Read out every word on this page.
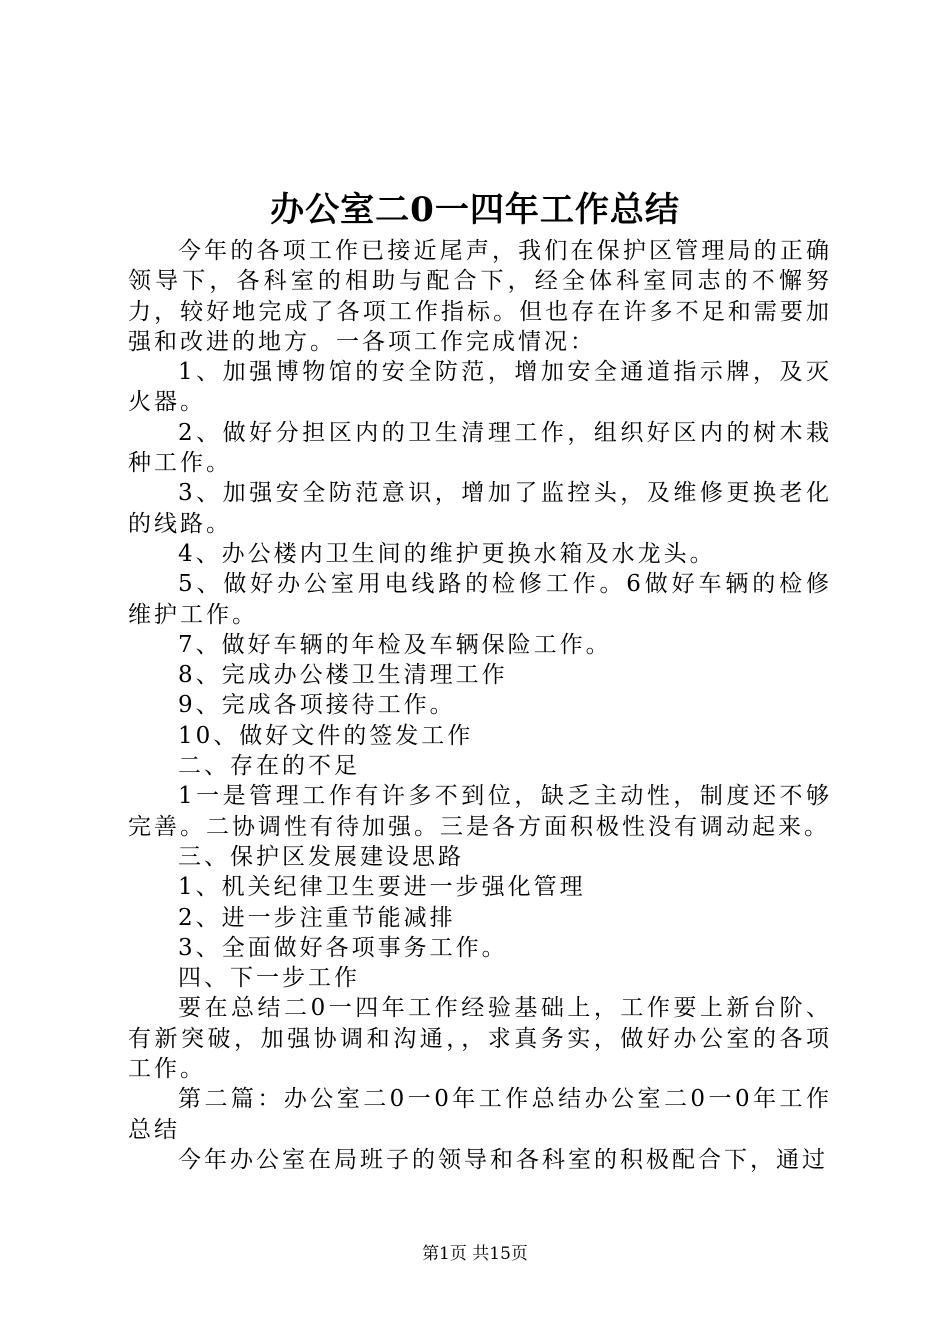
办公室二0一四年工作总结

今年的各项工作已接近尾声，我们在保护区管理局的正确领导下，各科室的相助与配合下，经全体科室同志的不懈努力，较好地完成了各项工作指标。但也存在许多不足和需要加强和改进的地方。一各项工作完成情况：

1、加强博物馆的安全防范，增加安全通道指示牌，及灭火器。

2、做好分担区内的卫生清理工作，组织好区内的树木栽种工作。

3、加强安全防范意识，增加了监控头，及维修更换老化的线路。

4、办公楼内卫生间的维护更换水箱及水龙头。

5、做好办公室用电线路的检修工作。6做好车辆的检修维护工作。

7、做好车辆的年检及车辆保险工作。

8、完成办公楼卫生清理工作

9、完成各项接待工作。

10、做好文件的签发工作

二、存在的不足

1一是管理工作有许多不到位，缺乏主动性，制度还不够完善。二协调性有待加强。三是各方面积极性没有调动起来。

三、保护区发展建设思路

1、机关纪律卫生要进一步强化管理

2、进一步注重节能减排

3、全面做好各项事务工作。

四、下一步工作

要在总结二0一四年工作经验基础上，工作要上新台阶、有新突破，加强协调和沟通，，求真务实，做好办公室的各项工作。

第二篇：办公室二0一0年工作总结办公室二0一0年工作总结

今年办公室在局班子的领导和各科室的积极配合下，通过

第1页 共15页
